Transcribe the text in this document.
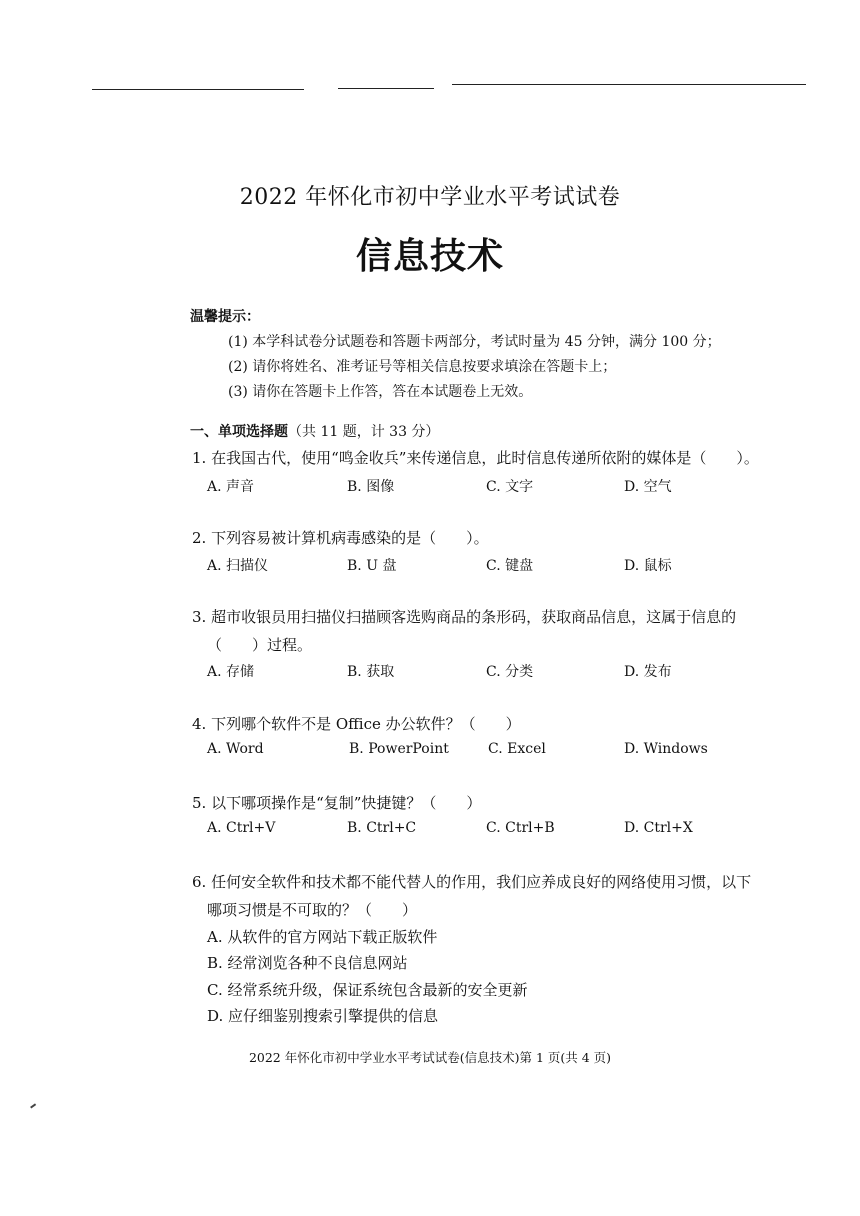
2022 年怀化市初中学业水平考试试卷
信息技术
温馨提示：
(1) 本学科试卷分试题卷和答题卡两部分，考试时量为 45 分钟，满分 100 分；
(2) 请你将姓名、准考证号等相关信息按要求填涂在答题卡上；
(3) 请你在答题卡上作答，答在本试题卷上无效。
一、单项选择题（共 11 题，计 33 分）
1. 在我国古代，使用“鸣金收兵”来传递信息，此时信息传递所依附的媒体是（　　）。
A. 声音	B. 图像	C. 文字	D. 空气
2. 下列容易被计算机病毒感染的是（　　）。
A. 扫描仪	B. U 盘	C. 键盘	D. 鼠标
3. 超市收银员用扫描仪扫描顾客选购商品的条形码，获取商品信息，这属于信息的
（　　）过程。
A. 存储	B. 获取	C. 分类	D. 发布
4. 下列哪个软件不是 Office 办公软件？（　　）
A. Word	B. PowerPoint	C. Excel	D. Windows
5. 以下哪项操作是“复制”快捷键？（　　）
A. Ctrl+V	B. Ctrl+C	C. Ctrl+B	D. Ctrl+X
6. 任何安全软件和技术都不能代替人的作用，我们应养成良好的网络使用习惯，以下
哪项习惯是不可取的？（　　）
A. 从软件的官方网站下载正版软件
B. 经常浏览各种不良信息网站
C. 经常系统升级，保证系统包含最新的安全更新
D. 应仔细鉴别搜索引擎提供的信息
2022 年怀化市初中学业水平考试试卷(信息技术)第 1 页(共 4 页)
